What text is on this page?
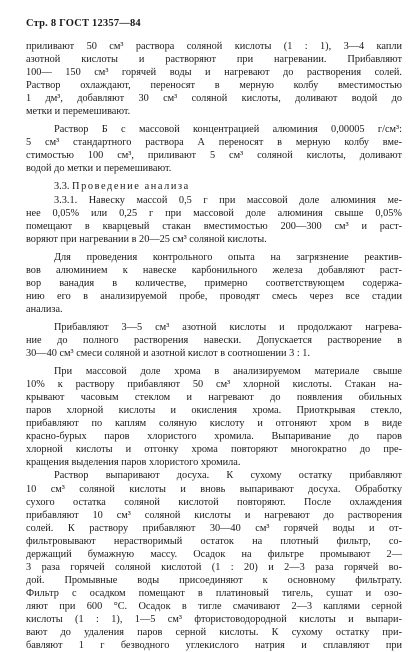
Стр. 8 ГОСТ 12357—84

приливают 50 см³ раствора соляной кислоты (1 : 1), 3—4 капли
азотной кислоты и растворяют при нагревании. Прибавляют
100— 150 см³ горячей воды и нагревают до растворения солей.
Раствор охлаждают, переносят в мерную колбу вместимостью
1 дм³, добавляют 30 см³ соляной кислоты, доливают водой до
метки и перемешивают.

Раствор Б с массовой концентрацией алюминия 0,00005 г/см³:
5 см³ стандартного раствора А переносят в мерную колбу вме-
стимостью 100 см³, приливают 5 см³ соляной кислоты, доливают
водой до метки и перемешивают.

3.3. Проведение анализа

3.3.1. Навеску массой 0,5 г при массовой доле алюминия ме-
нее 0,05% или 0,25 г при массовой доле алюминия свыше 0,05%
помещают в кварцевый стакан вместимостью 200—300 см³ и раст-
воряют при нагревании в 20—25 см³ соляной кислоты.

Для проведения контрольного опыта на загрязнение реактив-
вов алюминием к навеске карбонильного железа добавляют раст-
вор ванадия в количестве, примерно соответствующем содержа-
нию его в анализируемой пробе, проводят смесь через все стадии
анализа.

Прибавляют 3—5 см³ азотной кислоты и продолжают нагрева-
ние до полного растворения навески. Допускается растворение в
30—40 см³ смеси соляной и азотной кислот в соотношении 3 : 1.

При массовой доле хрома в анализируемом материале свыше
10% к раствору прибавляют 50 см³ хлорной кислоты. Стакан на-
крывают часовым стеклом и нагревают до появления обильных
паров хлорной кислоты и окисления хрома. Приоткрывая стекло,
прибавляют по каплям соляную кислоту и отгоняют хром в виде
красно-бурых паров хлористого хромила. Выпаривание до паров
хлорной кислоты и отгонку хрома повторяют многократно до пре-
кращения выделения паров хлористого хромила.

Раствор выпаривают досуха. К сухому остатку прибавляют
10 см³ соляной кислоты и вновь выпаривают досуха. Обработку
сухого остатка соляной кислотой повторяют. После охлаждения
прибавляют 10 см³ соляной кислоты и нагревают до растворения
солей. К раствору прибавляют 30—40 см³ горячей воды и от-
фильтровывают нерастворимый остаток на плотный фильтр, со-
держащий бумажную массу. Осадок на фильтре промывают 2—
3 раза горячей соляной кислотой (1 : 20) и 2—3 раза горячей во-
дой. Промывные воды присоединяют к основному фильтрату.
Фильтр с осадком помещают в платиновый тигель, сушат и озо-
ляют при 600 °С. Осадок в тигле смачивают 2—3 каплями серной
кислоты (1 : 1), 1—5 см³ фтористоводородной кислоты и выпари-
вают до удаления паров серной кислоты. К сухому остатку при-
бавляют 1 г безводного углекислого натрия и сплавляют при
